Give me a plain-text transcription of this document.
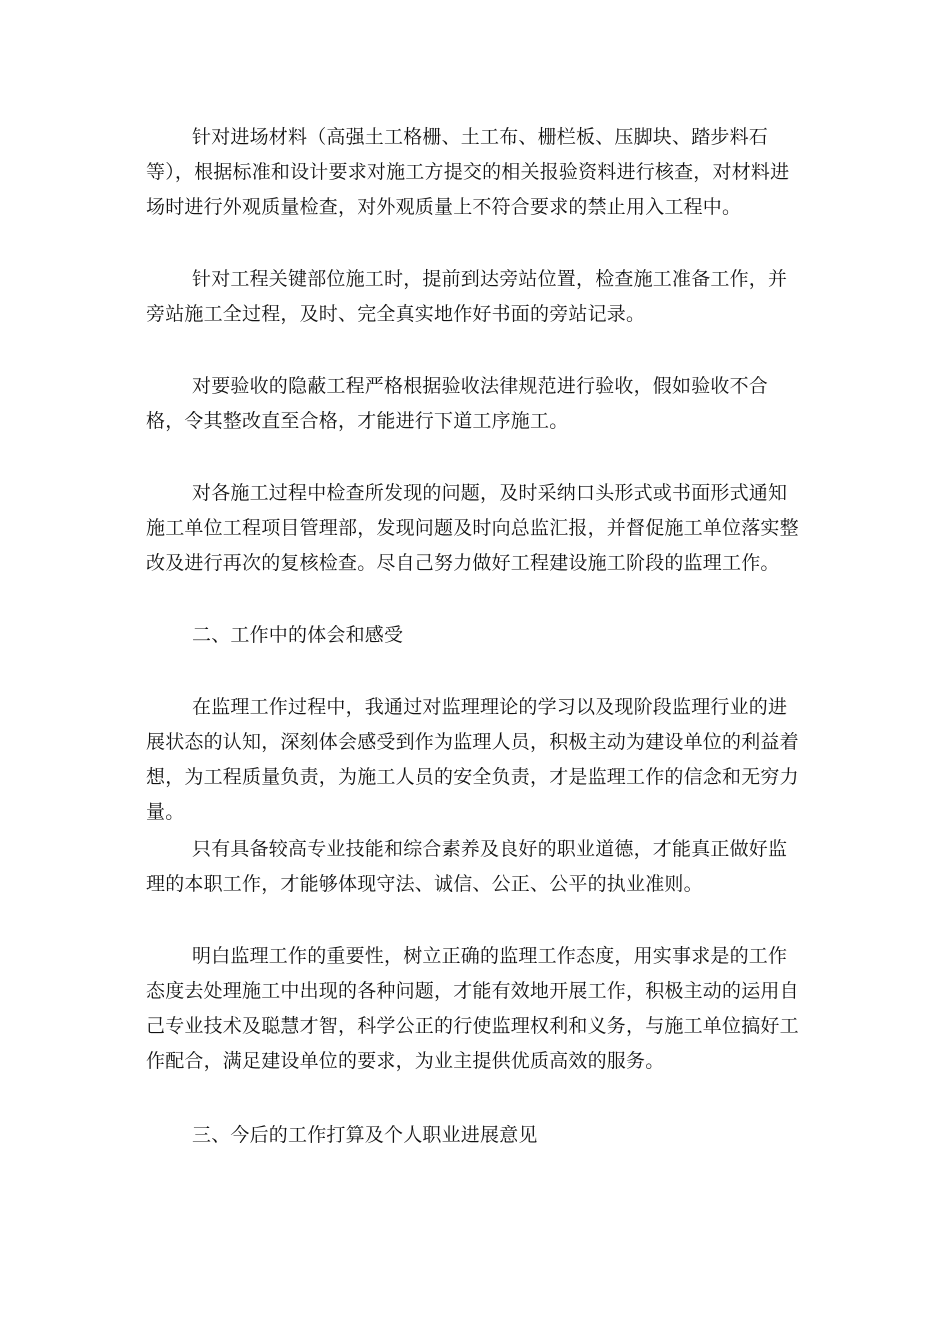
针对进场材料（高强土工格栅、土工布、栅栏板、压脚块、踏步料石等），根据标准和设计要求对施工方提交的相关报验资料进行核查，对材料进场时进行外观质量检查，对外观质量上不符合要求的禁止用入工程中。

针对工程关键部位施工时，提前到达旁站位置，检查施工准备工作，并旁站施工全过程，及时、完全真实地作好书面的旁站记录。

对要验收的隐蔽工程严格根据验收法律规范进行验收，假如验收不合格，令其整改直至合格，才能进行下道工序施工。

对各施工过程中检查所发现的问题，及时采纳口头形式或书面形式通知施工单位工程项目管理部，发现问题及时向总监汇报，并督促施工单位落实整改及进行再次的复核检查。尽自己努力做好工程建设施工阶段的监理工作。

二、工作中的体会和感受

在监理工作过程中，我通过对监理理论的学习以及现阶段监理行业的进展状态的认知，深刻体会感受到作为监理人员，积极主动为建设单位的利益着想，为工程质量负责，为施工人员的安全负责，才是监理工作的信念和无穷力量。

只有具备较高专业技能和综合素养及良好的职业道德，才能真正做好监理的本职工作，才能够体现守法、诚信、公正、公平的执业准则。

明白监理工作的重要性，树立正确的监理工作态度，用实事求是的工作态度去处理施工中出现的各种问题，才能有效地开展工作，积极主动的运用自己专业技术及聪慧才智，科学公正的行使监理权利和义务，与施工单位搞好工作配合，满足建设单位的要求，为业主提供优质高效的服务。

三、今后的工作打算及个人职业进展意见
